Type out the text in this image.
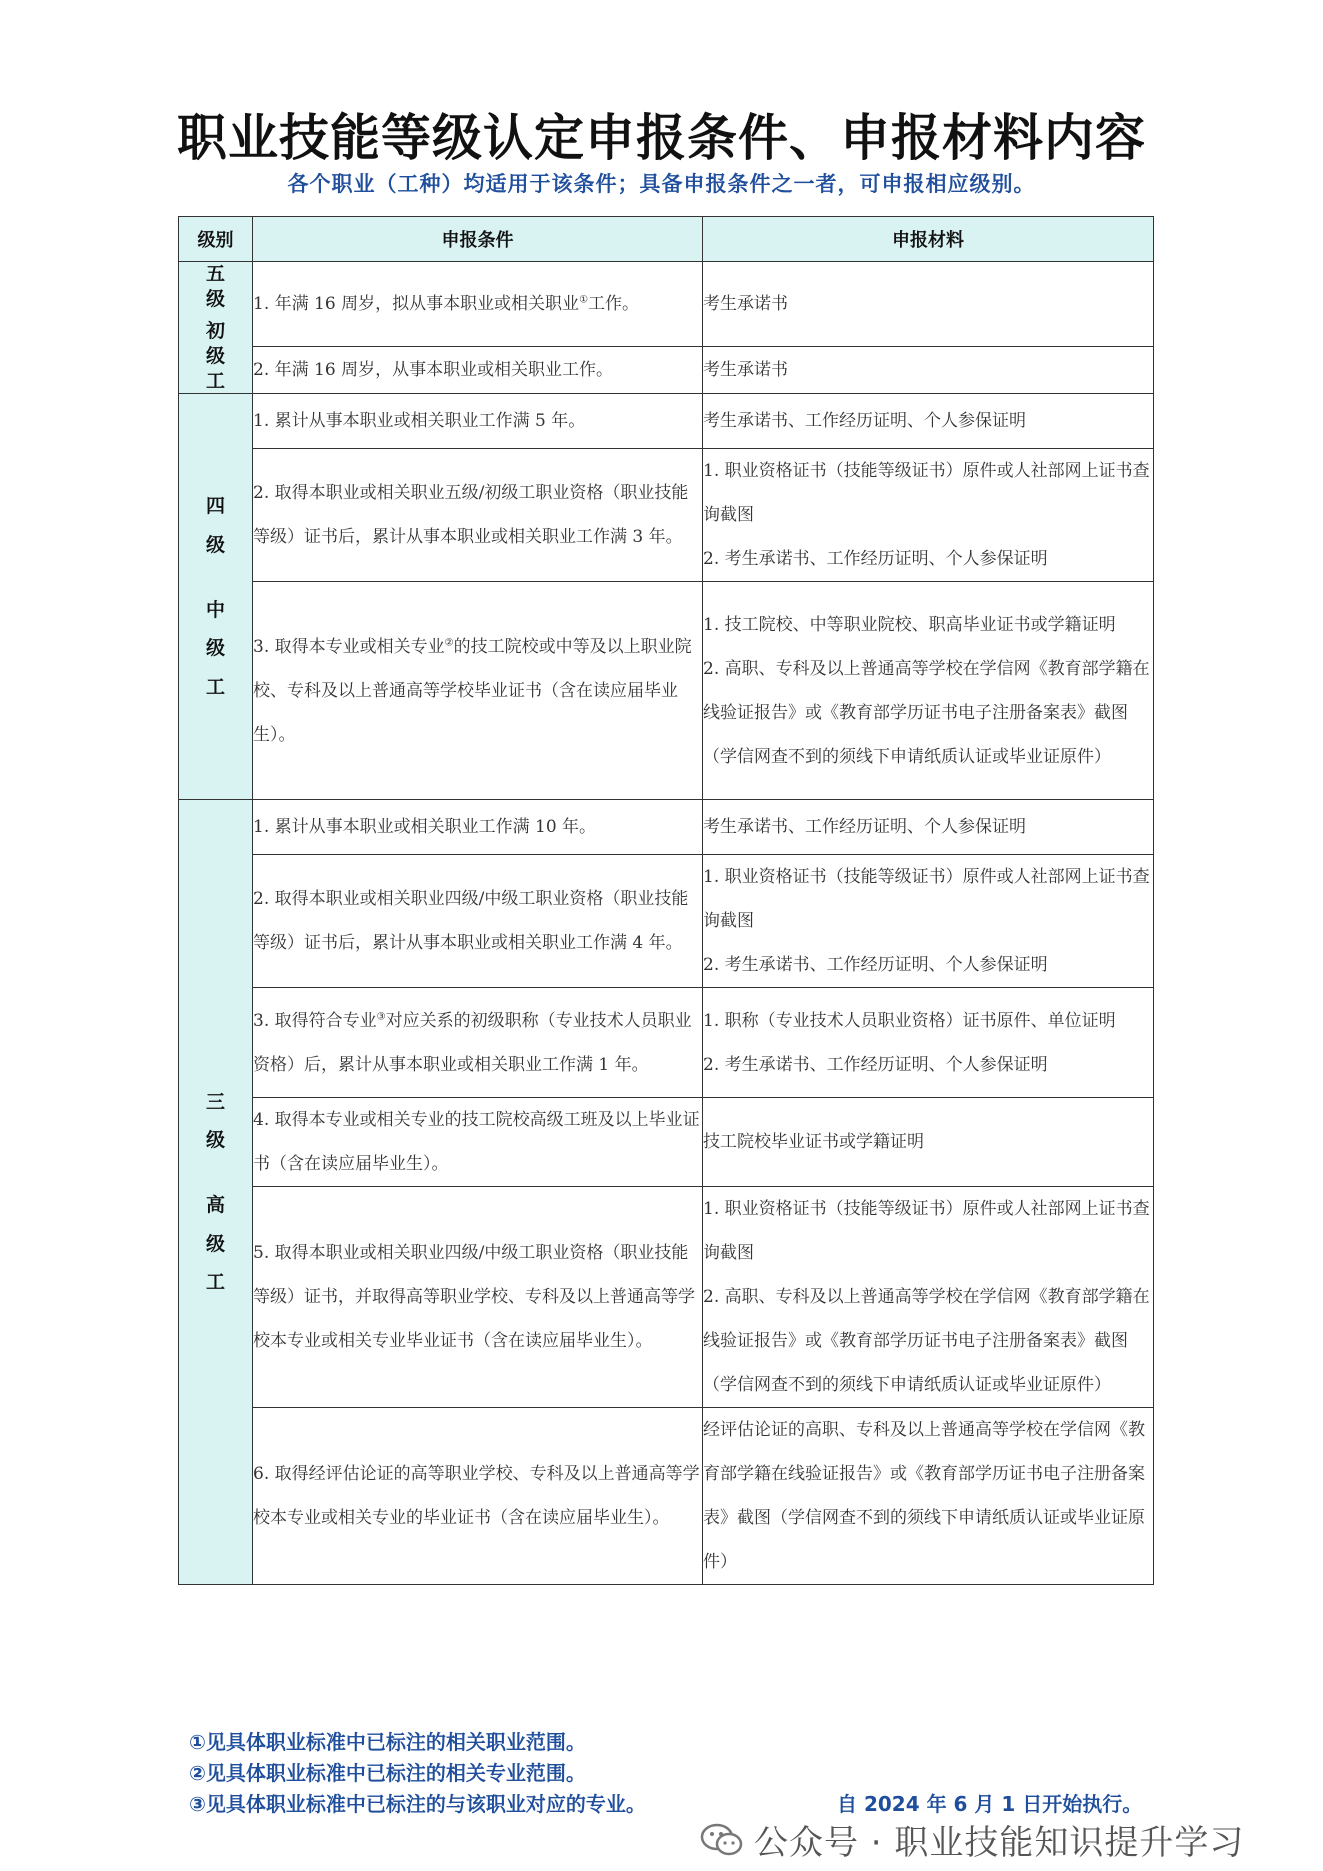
职业技能等级认定申报条件、申报材料内容
各个职业（工种）均适用于该条件；具备申报条件之一者，可申报相应级别。
级别	申报条件	申报材料

五
级
初
级
工	1. 年满 16 周岁，拟从事本职业或相关职业①工作。	考生承诺书

	2. 年满 16 周岁，从事本职业或相关职业工作。	考生承诺书

四
级
中
级
工	1. 累计从事本职业或相关职业工作满 5 年。	考生承诺书、工作经历证明、个人参保证明

	2. 取得本职业或相关职业五级/初级工职业资格（职业技能等级）证书后，累计从事本职业或相关职业工作满 3 年。	1. 职业资格证书（技能等级证书）原件或人社部网上证书查询截图
2. 考生承诺书、工作经历证明、个人参保证明

	3. 取得本专业或相关专业②的技工院校或中等及以上职业院校、专科及以上普通高等学校毕业证书（含在读应届毕业生）。	1. 技工院校、中等职业院校、职高毕业证书或学籍证明
2. 高职、专科及以上普通高等学校在学信网《教育部学籍在线验证报告》或《教育部学历证书电子注册备案表》截图（学信网查不到的须线下申请纸质认证或毕业证原件）

三
级
高
级
工	1. 累计从事本职业或相关职业工作满 10 年。	考生承诺书、工作经历证明、个人参保证明

	2. 取得本职业或相关职业四级/中级工职业资格（职业技能等级）证书后，累计从事本职业或相关职业工作满 4 年。	1. 职业资格证书（技能等级证书）原件或人社部网上证书查询截图
2. 考生承诺书、工作经历证明、个人参保证明

	3. 取得符合专业③对应关系的初级职称（专业技术人员职业资格）后，累计从事本职业或相关职业工作满 1 年。	1. 职称（专业技术人员职业资格）证书原件、单位证明
2. 考生承诺书、工作经历证明、个人参保证明

	4. 取得本专业或相关专业的技工院校高级工班及以上毕业证书（含在读应届毕业生）。	技工院校毕业证书或学籍证明

	5. 取得本职业或相关职业四级/中级工职业资格（职业技能等级）证书，并取得高等职业学校、专科及以上普通高等学校本专业或相关专业毕业证书（含在读应届毕业生）。	1. 职业资格证书（技能等级证书）原件或人社部网上证书查询截图
2. 高职、专科及以上普通高等学校在学信网《教育部学籍在线验证报告》或《教育部学历证书电子注册备案表》截图（学信网查不到的须线下申请纸质认证或毕业证原件）

	6. 取得经评估论证的高等职业学校、专科及以上普通高等学校本专业或相关专业的毕业证书（含在读应届毕业生）。	经评估论证的高职、专科及以上普通高等学校在学信网《教育部学籍在线验证报告》或《教育部学历证书电子注册备案表》截图（学信网查不到的须线下申请纸质认证或毕业证原件）
①见具体职业标准中已标注的相关职业范围。
②见具体职业标准中已标注的相关专业范围。
③见具体职业标准中已标注的与该职业对应的专业。	自 2024 年 6 月 1 日开始执行。
公众号 · 职业技能知识提升学习
